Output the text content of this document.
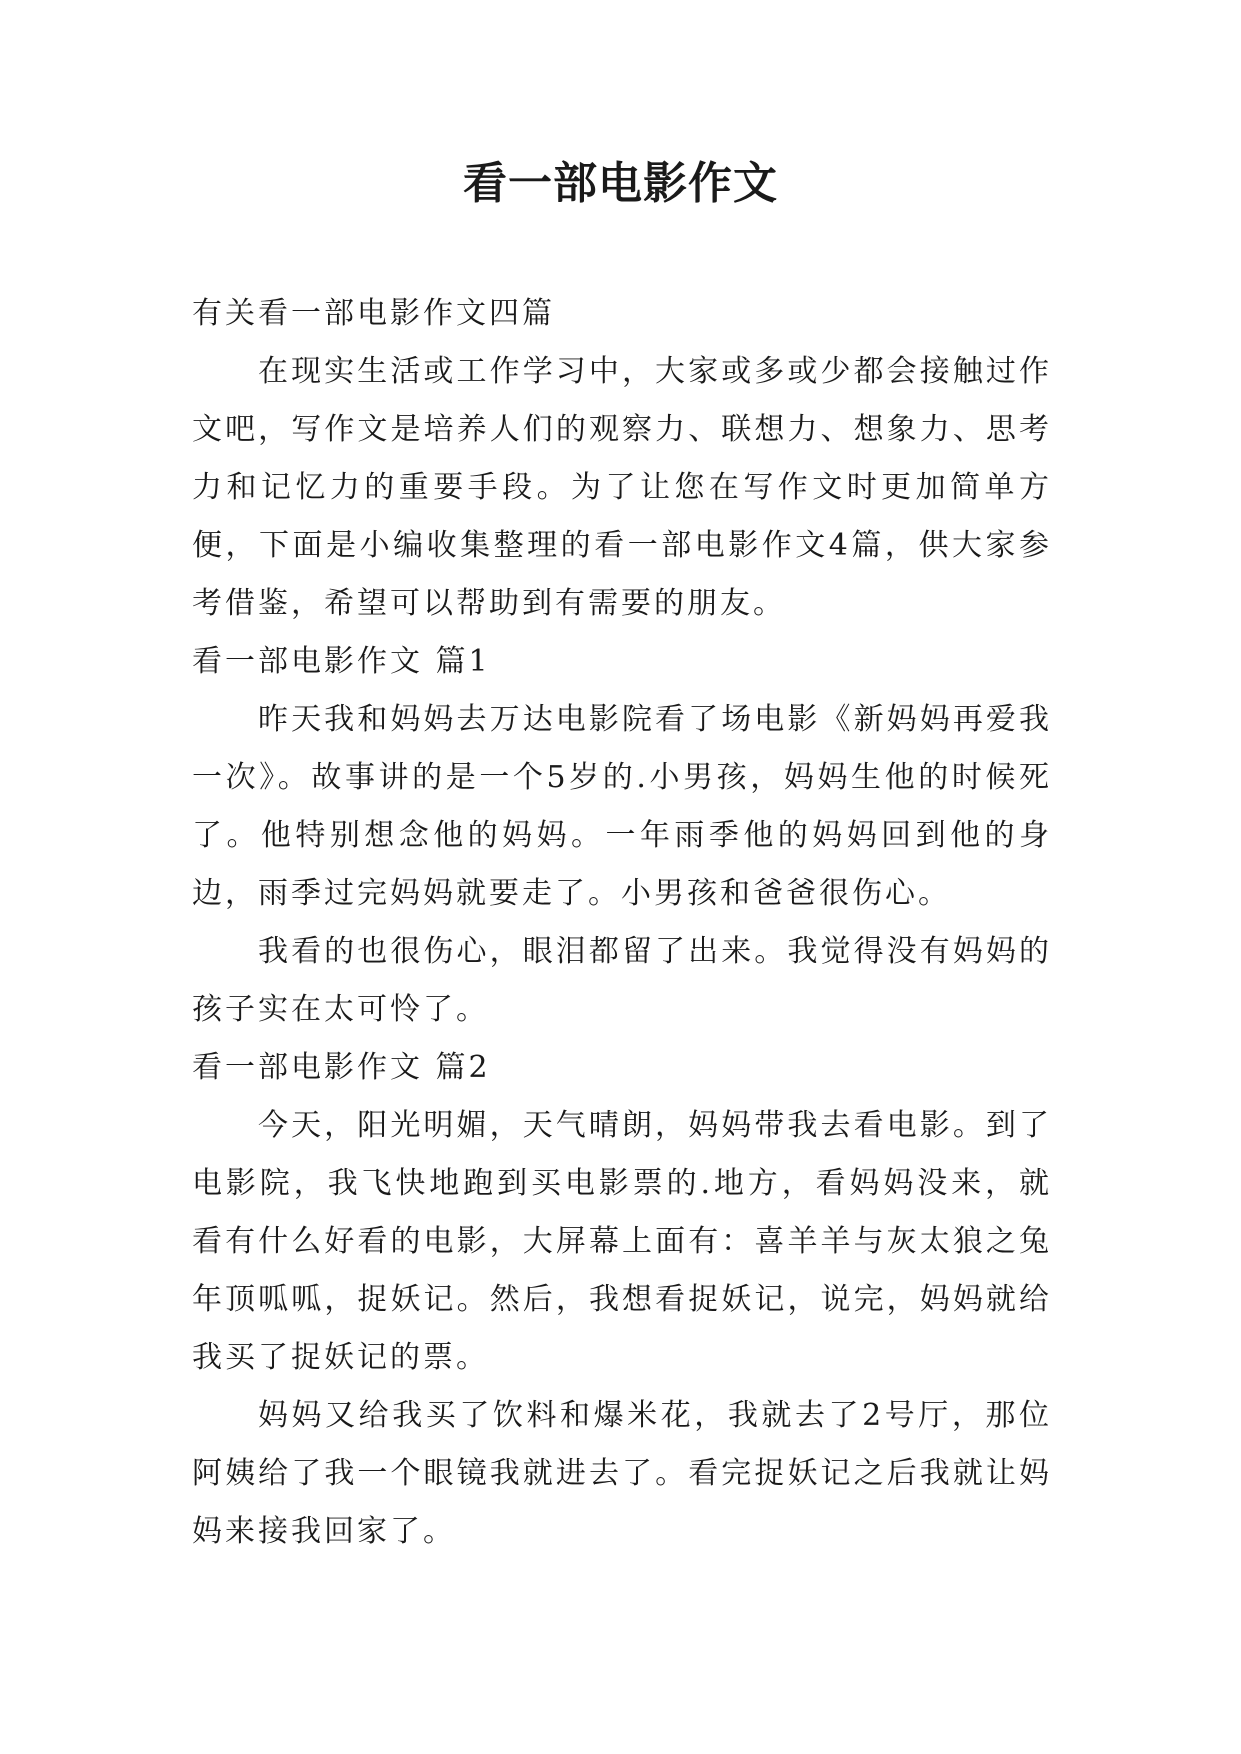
看一部电影作文

有关看一部电影作文四篇

在现实生活或工作学习中，大家或多或少都会接触过作文吧，写作文是培养人们的观察力、联想力、想象力、思考力和记忆力的重要手段。为了让您在写作文时更加简单方便，下面是小编收集整理的看一部电影作文4篇，供大家参考借鉴，希望可以帮助到有需要的朋友。

看一部电影作文 篇1

昨天我和妈妈去万达电影院看了场电影《新妈妈再爱我一次》。故事讲的是一个5岁的.小男孩，妈妈生他的时候死了。他特别想念他的妈妈。一年雨季他的妈妈回到他的身边，雨季过完妈妈就要走了。小男孩和爸爸很伤心。

我看的也很伤心，眼泪都留了出来。我觉得没有妈妈的孩子实在太可怜了。

看一部电影作文 篇2

今天，阳光明媚，天气晴朗，妈妈带我去看电影。到了电影院，我飞快地跑到买电影票的.地方，看妈妈没来，就看有什么好看的电影，大屏幕上面有：喜羊羊与灰太狼之兔年顶呱呱，捉妖记。然后，我想看捉妖记，说完，妈妈就给我买了捉妖记的票。

妈妈又给我买了饮料和爆米花，我就去了2号厅，那位阿姨给了我一个眼镜我就进去了。看完捉妖记之后我就让妈妈来接我回家了。
